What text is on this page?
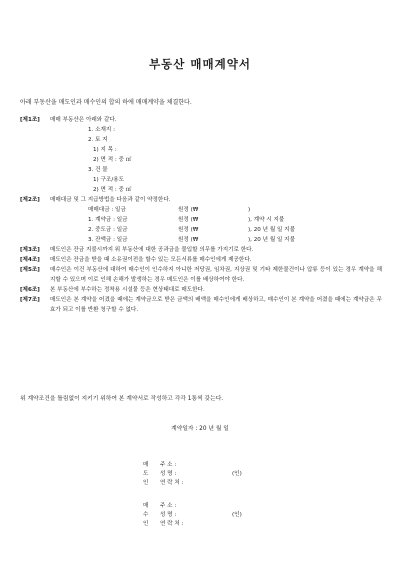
부동산 매매계약서
아래 부동산을 매도인과 매수인의 합의 하에 매매계약을 체결한다.
[제1조] 매매 부동산은 아래와 같다.
1. 소재지 :
2. 토 지
1) 지 목 :
2) 면 적 : 중 ㎡
3. 건 물
1) 구조/용도
2) 면 적 : 중 ㎡
[제2조] 매매대금 및 그 지급방법을 다음과 같이 약정한다.
매매대금 : 일금	원정 (₩	)
1. 계약금 : 일금	원정 (₩	), 계약 시 지불
2. 중도금 : 일금	원정 (₩	), 20 년 월 일 지불
3. 잔액금 : 일금	원정 (₩	), 20 년 월 일 지불
[제3조] 매도인은 잔금 지불시까지 위 부동산에 대한 공과금을 물입할 의무를 가지기로 한다.
[제4조] 매도인은 잔금을 받을 때 소유권이전을 할수 있는 모든서류를 매수인에게 제공한다.
[제5조] 매수인은 이건 부동산에 대하여 매수인이 인수하지 아니한 저당권, 임차권, 지상권 및 기타 제한물건이나 압류 등이 있는 경우 계약을 해지할 수 있으며 이로 인해 손해가 발생하는 경우 매도인은 이를 배상하여야 한다.
[제6조] 본 부동산에 부수하는 정착용 시설물 등은 현상태대로 매도한다.
[제7조] 매도인은 본 계약을 어겼을 때에는 계약금으로 받은 금액의 배액을 매수인에게 배상하고, 매수인이 본 계약을 어겼을 때에는 계약금은 무효가 되고 이를 반환 청구할 수 없다.
위 계약조건을 틀림없이 지키기 위하여 본 계약서로 작성하고 각각 1통씩 갖는다.
계약일자 : 20 년 월 일
매
도
인
주 소 :
성 명 :	(인)
연 락 처 :
매
수
인
주 소 :
성 명 :	(인)
연 락 처 :
